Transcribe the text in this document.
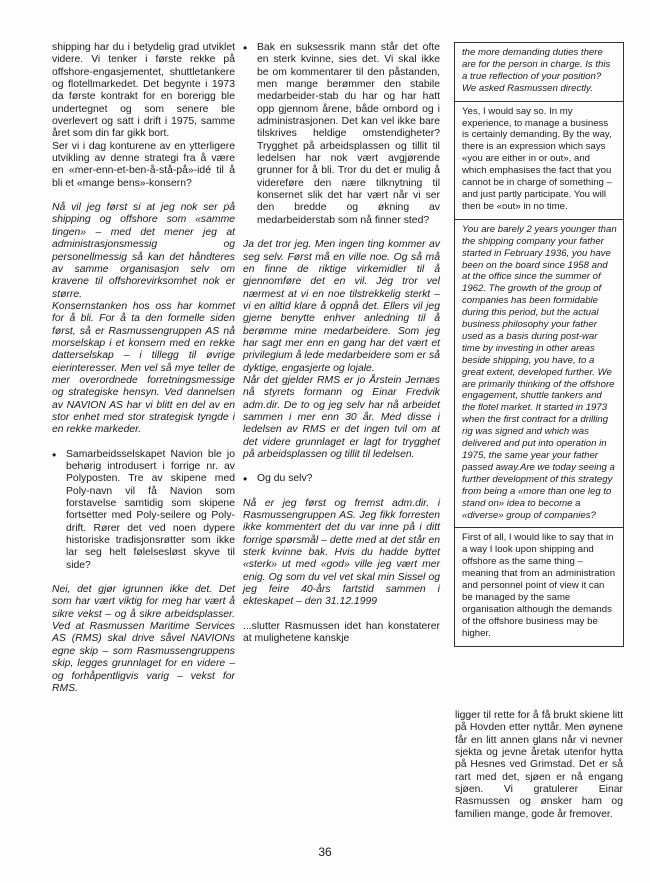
shipping har du i betydelig grad utviklet videre. Vi tenker i første rekke på offshore-engasjementet, shuttletankere og flotellmarkedet. Det begynte i 1973 da første kontrakt for en borerigg ble undertegnet og som senere ble overlevert og satt i drift i 1975, samme året som din far gikk bort.

Ser vi i dag konturene av en ytterligere utvikling av denne strategi fra å være en «mer-enn-et-ben-å-stå-på»-idé til å bli et «mange bens»-konsern?

Nå vil jeg først si at jeg nok ser på shipping og offshore som «samme tingen» – med det mener jeg at administrasjonsmessig og personellmessig så kan det håndteres av samme organisasjon selv om kravene til offshorevirksomhet nok er større.

Konsernstanken hos oss har kommet for å bli. For å ta den formelle siden først, så er Rasmussengruppen AS nå morselskap i et konsern med en rekke datterselskap – i tillegg til øvrige eierinteresser. Men vel så mye teller de mer overordnede forretningsmessige og strategiske hensyn. Ved dannelsen av NAVION AS har vi blitt en del av en stor enhet med stor strategisk tyngde i en rekke markeder.

• Samarbeidsselskapet Navion ble jo behørig introdusert i forrige nr. av Polyposten. Tre av skipene med Poly-navn vil få Navion som forstavelse samtidig som skipene fortsetter med Poly-seilere og Poly-drift. Rører det ved noen dypere historiske tradisjonsrøtter som ikke lar seg helt følelsesløst skyve til side?

Nei, det gjør igrunnen ikke det. Det som har vært viktig for meg har vært å sikre vekst – og å sikre arbeidsplasser. Ved at Rasmussen Maritime Services AS (RMS) skal drive såvel NAVIONs egne skip – som Rasmussengruppens skip, legges grunnlaget for en videre – og forhåpentligvis varig – vekst for RMS.

• Bak en suksessrik mann står det ofte en sterk kvinne, sies det. Vi skal ikke be om kommentarer til den påstanden, men mange berømmer den stabile medarbeider-stab du har og har hatt opp gjennom årene, både ombord og i administrasjonen. Det kan vel ikke bare tilskrives heldige omstendigheter? Trygghet på arbeidsplassen og tillit til ledelsen har nok vært avgjørende grunner for å bli. Tror du det er mulig å videreføre den nære tilknytning til konsernet slik det har vært når vi ser den bredde og økning av medarbeiderstab som nå finner sted?

Ja det tror jeg. Men ingen ting kommer av seg selv. Først må en ville noe. Og så må en finne de riktige virkemidler til å gjennomføre det en vil. Jeg tror vel nærmest at vi en noe tilstrekkelig sterkt – vi en alltid klare å oppnå det. Ellers vil jeg gjerne benytte enhver anledning til å berømme mine medarbeidere. Som jeg har sagt mer enn en gang har det vært et privilegium å lede medarbeidere som er så dyktige, engasjerte og lojale.

Når det gjelder RMS er jo Årstein Jernæs nå styrets formann og Einar Fredvik adm.dir. De to og jeg selv har nå arbeidet sammen i mer enn 30 år. Med disse i ledelsen av RMS er det ingen tvil om at det videre grunnlaget er lagt for trygghet på arbeidsplassen og tillit til ledelsen.

• Og du selv?

Nå er jeg først og fremst adm.dir. i Rasmussengruppen AS. Jeg fikk forresten ikke kommentert det du var inne på i ditt forrige spørsmål – dette med at det står en sterk kvinne bak. Hvis du hadde byttet «sterk» ut med «god» ville jeg vært mer enig. Og som du vel vet skal min Sissel og jeg feire 40-års fartstid sammen i ekteskapet – den 31.12.1999

...slutter Rasmussen idet han konstaterer at mulighetene kanskje

the more demanding duties there are for the person in charge. Is this a true reflection of your position? We asked Rasmussen directly.

Yes, I would say so. In my experience, to manage a business is certainly demanding. By the way, there is an expression which says «you are either in or out», and which emphasises the fact that you cannot be in charge of something – and just partly participate. You will then be «out» in no time.

You are barely 2 years younger than the shipping company your father started in February 1936, you have been on the board since 1958 and at the office since the summer of 1962. The growth of the group of companies has been formidable during this period, but the actual business philosophy your father used as a basis during post-war time by investing in other areas beside shipping, you have, to a great extent, developed further. We are primarily thinking of the offshore engagement, shuttle tankers and the flotel market. It started in 1973 when the first contract for a drilling rig was signed and which was delivered and put into operation in 1975, the same year your father passed away.Are we today seeing a further development of this strategy from being a «more than one leg to stand on» idea to become a «diverse» group of companies?

First of all, I would like to say that in a way I look upon shipping and offshore as the same thing – meaning that from an administration and personnel point of view it can be managed by the same organisation although the demands of the offshore business may be higher.

ligger til rette for å få brukt skiene litt på Hovden etter nyttår. Men øynene får en litt annen glans når vi nevner sjekta og jevne åretak utenfor hytta på Hesnes ved Grimstad. Det er så rart med det, sjøen er nå engang sjøen. Vi gratulerer Einar Rasmussen og ønsker ham og familien mange, gode år fremover.

36
